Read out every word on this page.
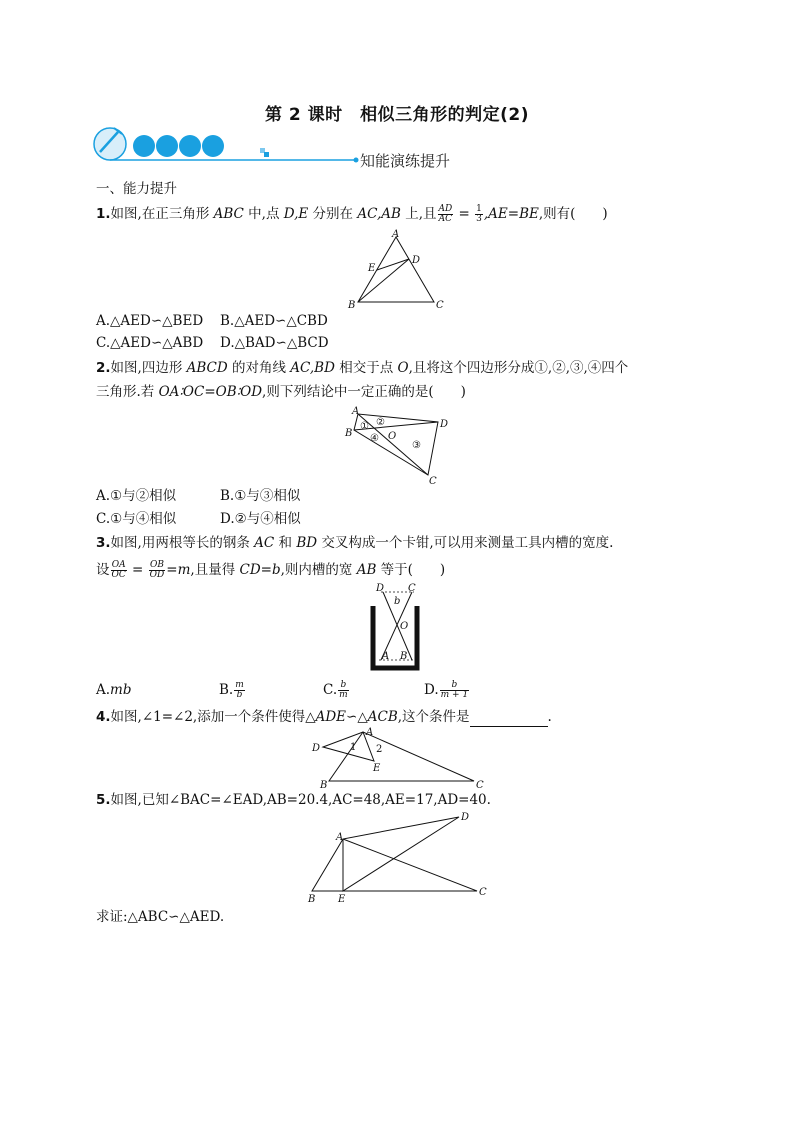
第 2 课时　相似三角形的判定(2)
知能演练提升
一、能力提升
1.如图,在正三角形 ABC 中,点 D,E 分别在 AC,AB 上,且 $\frac{AD}{AC} = \frac{1}{3} ,AE=BE$,则有(　　)
A
B	C
D
E
A.△AED∽△BED B.△AED∽△CBD
C.△AED∽△ABD D.△BAD∽△BCD
2.如图,四边形 ABCD 的对角线 AC,BD 相交于点 O,且将这个四边形分成①,②,③,④四个
三角形.若 OA∶OC=OB∶OD,则下列结论中一定正确的是(　　)
A
B
C
D
O
① ②
③
④
A.①与②相似	B.①与③相似
C.①与④相似	D.②与④相似
3.如图,用两根等长的钢条 AC 和 BD 交叉构成一个卡钳,可以用来测量工具内槽的宽度.
设 $\frac{OA}{OC} = \frac{OB}{OD} =m$,且量得 CD=b,则内槽的宽 AB 等于(　　)
D C
b
O
A B
A.mb	B. $\frac{m}{b}$	C. $\frac{b}{m}$	D. $\frac{b}{m + 1}$
4.如图,∠1=∠2,添加一个条件使得△ADE∽△ACB,这个条件是	.
A
B	C
D
E
1 2
5.如图,已知∠BAC=∠EAD,AB=20.4,AC=48,AE=17,AD=40.
A
B
C
D
E
求证:△ABC∽△AED.
